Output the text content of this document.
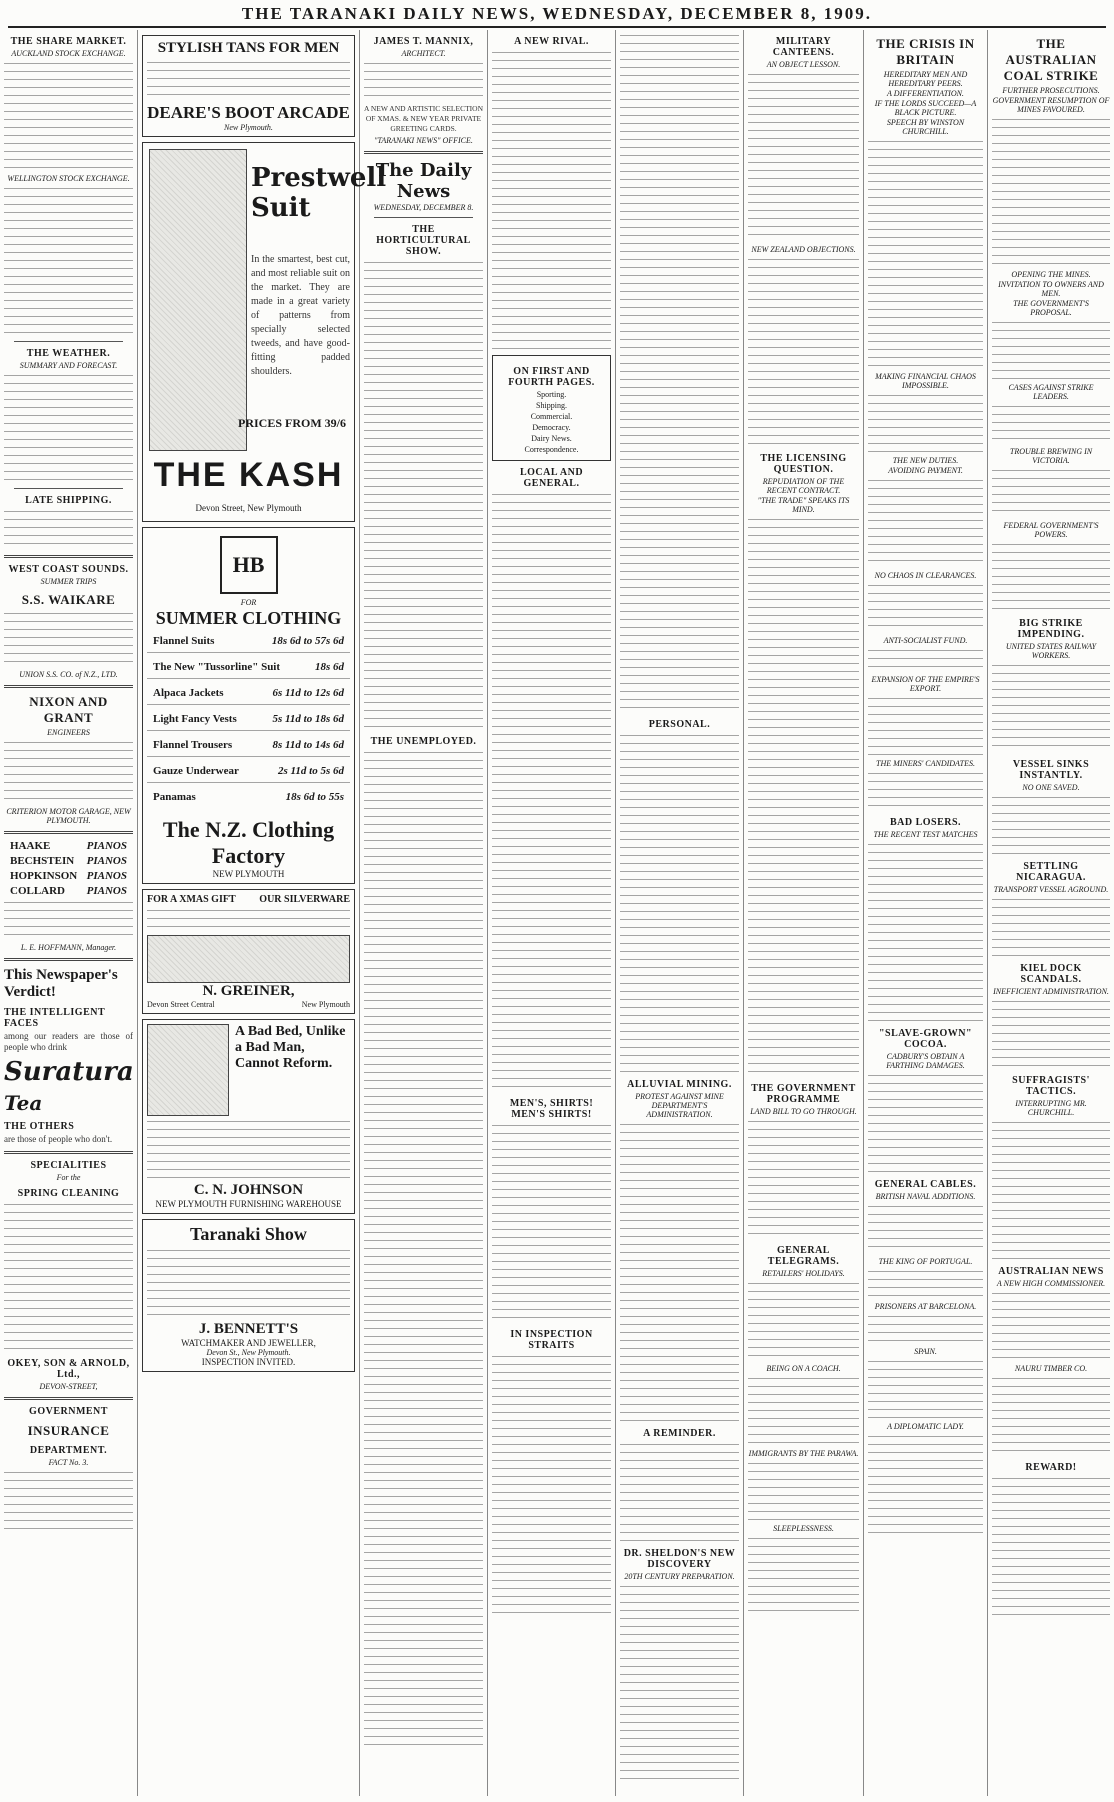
THE TARANAKI DAILY NEWS, WEDNESDAY, DECEMBER 8, 1909.
THE SHARE MARKET.
AUCKLAND STOCK EXCHANGE.
WELLINGTON STOCK EXCHANGE.
THE WEATHER.
SUMMARY AND FORECAST.
LATE SHIPPING.
WEST COAST SOUNDS.
SUMMER TRIPS
S.S. WAIKARE
UNION S.S. CO. of N.Z., LTD.
NIXON AND GRANT
ENGINEERS
CRITERION MOTOR GARAGE, NEW PLYMOUTH.
HAAKE	PIANOS
BECHSTEIN PIANOS
HOPKINSON PIANOS
COLLARD PIANOS
L. E. HOFFMANN, Manager.
This Newspaper's Verdict!
THE INTELLIGENT FACES
among our readers are those of people who drink
Suratura
Tea
THE OTHERS
are those of people who don't.
SPECIALITIES
For the
SPRING CLEANING
OKEY, SON & ARNOLD, Ltd.,
DEVON-STREET,
GOVERNMENT
INSURANCE
DEPARTMENT.
FACT No. 3.
STYLISH TANS FOR MEN
DEARE'S BOOT ARCADE
New Plymouth.
Prestwell
Suit
In the smartest, best cut, and most reliable suit on the market. They are made in a great variety of patterns from specially selected tweeds, and have good-fitting padded shoulders.
PRICES FROM 39/6
THE KASH
Devon Street, New Plymouth
HB
FOR
SUMMER CLOTHING
Flannel Suits	18s 6d to 57s 6d
The New "Tussorline" Suit	18s 6d
Alpaca Jackets	6s 11d to 12s 6d
Light Fancy Vests	5s 11d to 18s 6d
Flannel Trousers	8s 11d to 14s 6d
Gauze Underwear	2s 11d to 5s 6d
Panamas	18s 6d to 55s
The N.Z. Clothing Factory
NEW PLYMOUTH
FOR A XMAS GIFT OUR SILVERWARE
N. GREINER,
Devon Street Central	New Plymouth
A Bad Bed, Unlike a Bad Man, Cannot Reform.
C. N. JOHNSON
NEW PLYMOUTH FURNISHING WAREHOUSE
Taranaki Show
J. BENNETT'S
WATCHMAKER AND JEWELLER,
Devon St., New Plymouth.
INSPECTION INVITED.
JAMES T. MANNIX,
ARCHITECT.
A NEW AND ARTISTIC SELECTION OF XMAS. & NEW YEAR PRIVATE GREETING CARDS.
"TARANAKI NEWS" OFFICE.
The Daily News
WEDNESDAY, DECEMBER 8.
THE HORTICULTURAL SHOW.
THE UNEMPLOYED.
A NEW RIVAL.
ON FIRST AND FOURTH PAGES.
Sporting.
Shipping.
Commercial.
Democracy.
Dairy News.
Correspondence.
LOCAL AND GENERAL.
MEN'S, SHIRTS! MEN'S SHIRTS!
IN INSPECTION STRAITS
PERSONAL.
ALLUVIAL MINING.
PROTEST AGAINST MINE DEPARTMENT'S ADMINISTRATION.
A REMINDER.
DR. SHELDON'S NEW DISCOVERY
20TH CENTURY PREPARATION.
MILITARY CANTEENS.
AN OBJECT LESSON.
NEW ZEALAND OBJECTIONS.
THE LICENSING QUESTION.
REPUDIATION OF THE RECENT CONTRACT.
"THE TRADE" SPEAKS ITS MIND.
THE GOVERNMENT PROGRAMME
LAND BILL TO GO THROUGH.
GENERAL TELEGRAMS.
RETAILERS' HOLIDAYS.
BEING ON A COACH.
IMMIGRANTS BY THE PARAWA.
SLEEPLESSNESS.
THE CRISIS IN BRITAIN
HEREDITARY MEN AND HEREDITARY PEERS.
A DIFFERENTIATION.
IF THE LORDS SUCCEED—A BLACK PICTURE.
SPEECH BY WINSTON CHURCHILL.
MAKING FINANCIAL CHAOS IMPOSSIBLE.
THE NEW DUTIES.
AVOIDING PAYMENT.
NO CHAOS IN CLEARANCES.
ANTI-SOCIALIST FUND.
EXPANSION OF THE EMPIRE'S EXPORT.
THE MINERS' CANDIDATES.
BAD LOSERS.
THE RECENT TEST MATCHES
"SLAVE-GROWN" COCOA.
CADBURY'S OBTAIN A FARTHING DAMAGES.
GENERAL CABLES.
BRITISH NAVAL ADDITIONS.
THE KING OF PORTUGAL.
PRISONERS AT BARCELONA.
SPAIN.
A DIPLOMATIC LADY.
THE AUSTRALIAN COAL STRIKE
FURTHER PROSECUTIONS.
GOVERNMENT RESUMPTION OF MINES FAVOURED.
OPENING THE MINES.
INVITATION TO OWNERS AND MEN.
THE GOVERNMENT'S PROPOSAL.
CASES AGAINST STRIKE LEADERS.
TROUBLE BREWING IN VICTORIA.
FEDERAL GOVERNMENT'S POWERS.
BIG STRIKE IMPENDING.
UNITED STATES RAILWAY WORKERS.
VESSEL SINKS INSTANTLY.
NO ONE SAVED.
SETTLING NICARAGUA.
TRANSPORT VESSEL AGROUND.
KIEL DOCK SCANDALS.
INEFFICIENT ADMINISTRATION.
SUFFRAGISTS' TACTICS.
INTERRUPTING MR. CHURCHILL.
AUSTRALIAN NEWS
A NEW HIGH COMMISSIONER.
NAURU TIMBER CO.
REWARD!
